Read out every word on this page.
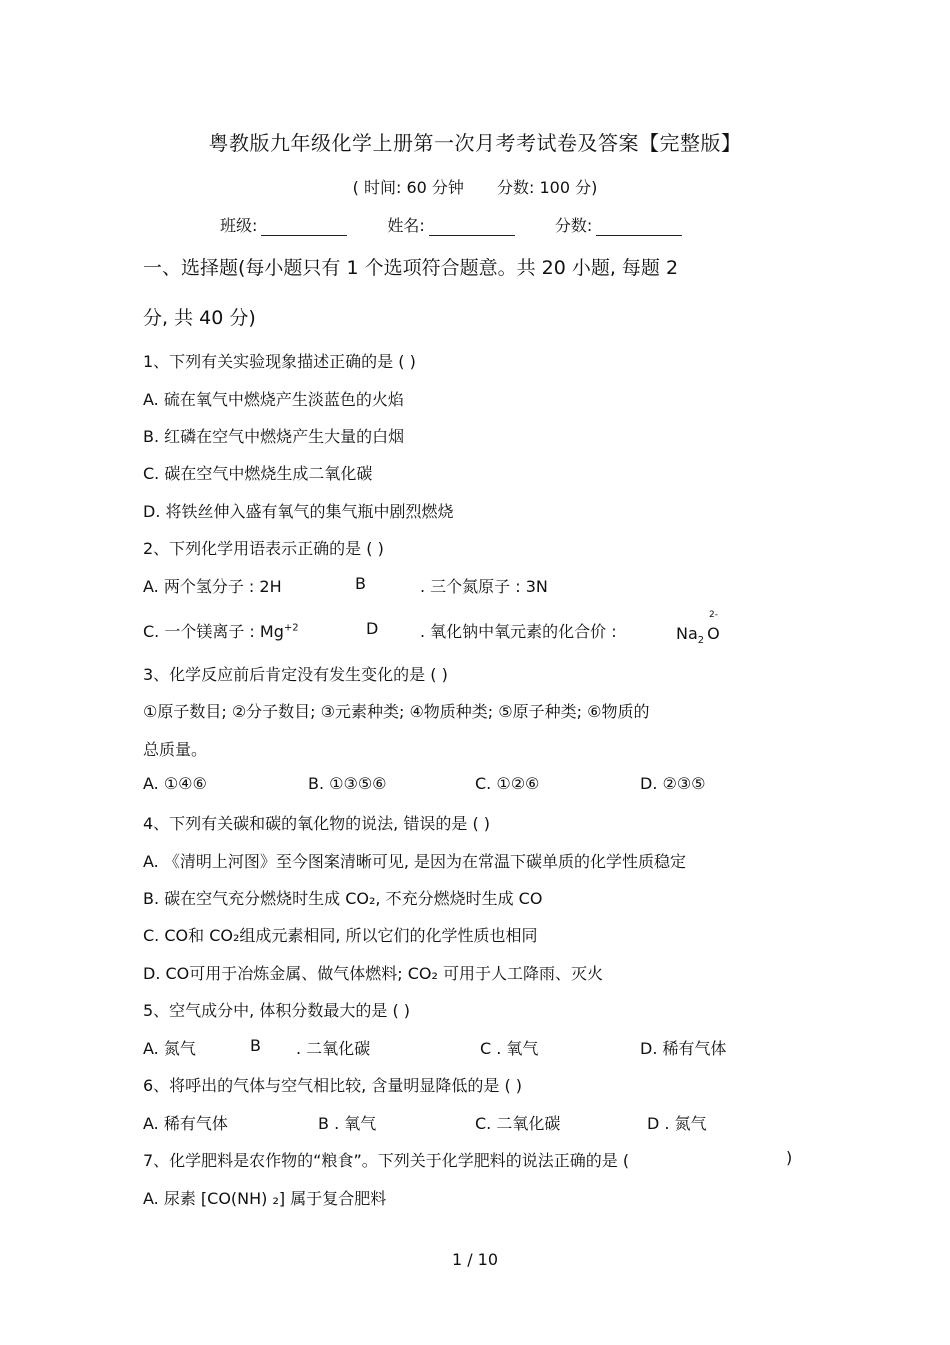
粤教版九年级化学上册第一次月考考试卷及答案【完整版】
( 时间: 60 分钟 分数: 100 分)
班级:	姓名:	分数:
一、选择题(每小题只有 1 个选项符合题意。共 20 小题, 每题 2
分, 共 40 分)
1、下列有关实验现象描述正确的是 ( )
A. 硫在氧气中燃烧产生淡蓝色的火焰
B. 红磷在空气中燃烧产生大量的白烟
C. 碳在空气中燃烧生成二氧化碳
D. 将铁丝伸入盛有氧气的集气瓶中剧烈燃烧
2、下列化学用语表示正确的是 ( )
A. 两个氢分子 : 2H	B	. 三个氮原子 : 3N
C. 一个镁离子 : $Mg^{+2}$	D	. 氧化钠中氧元素的化合价 :	$Na_2$ O
2-
3、化学反应前后肯定没有发生变化的是 ( )
①原子数目; ②分子数目; ③元素种类; ④物质种类; ⑤原子种类; ⑥物质的
总质量。
A. ①④⑥	B. ①③⑤⑥	C. ①②⑥	D. ②③⑤
4、下列有关碳和碳的氧化物的说法, 错误的是 ( )
A. 《清明上河图》至今图案清晰可见, 是因为在常温下碳单质的化学性质稳定
B. 碳在空气充分燃烧时生成 CO₂, 不充分燃烧时生成 CO
C. CO和 CO₂组成元素相同, 所以它们的化学性质也相同
D. CO可用于冶炼金属、做气体燃料; CO₂ 可用于人工降雨、灭火
5、空气成分中, 体积分数最大的是 ( )
A. 氮气	B . 二氧化碳	C . 氧气	D. 稀有气体
6、将呼出的气体与空气相比较, 含量明显降低的是 ( )
A. 稀有气体	B . 氧气	C. 二氧化碳	D . 氮气
7、化学肥料是农作物的“粮食”。下列关于化学肥料的说法正确的是 (	)
A. 尿素 [CO(NH) ₂] 属于复合肥料
1 / 10
